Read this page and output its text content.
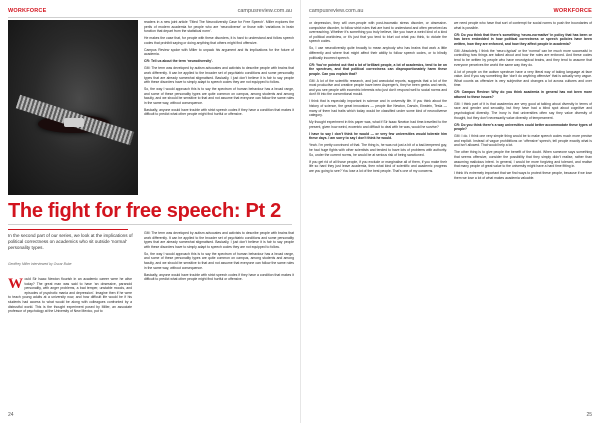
WORKFORCE	campusreview.com.au

readers in a new joint article ‘Titled The Neurodiversity Case for Free Speech’. Miller explores the perils of modern academia for people who are ‘neurodiverse’ or those with ‘variations in brain function that depart from the statistical norm’.

He makes the case that, for people with these disorders, it is hard to understand and follow speech codes that prohibit saying or doing anything that others might find offensive.

Campus Review spoke with Miller to unpack his argument and its implications for the future of academia.

CR: Tell us about the term ‘neurodiversity’.

GM: The term was developed by autism advocates and activists to describe people with brains that work differently. It can be applied to the broader set of psychiatric conditions and some personality types that are already somewhat stigmatised. Basically, I just don’t believe it is fair to say people with these disorders have to simply adapt to speech codes they are not equipped to follow.

So, the way I would approach this is to say the spectrum of human behaviour has a broad range, and some of these personality types are quite common on campus, among students and among faculty, and we should be sensitive to that and not assume that everyone can follow the same rules in the same way, without consequence.

Basically, anyone would have trouble with strict speech codes if they have a condition that makes it difficult to predict what other people might find hurtful or offensive.

The fight for free speech: Pt 2
In the second part of our series, we look at the implications of political correctness on academics who sit outside ‘normal’ personality types.
Geoffrey Miller interviewed by Oscar Bube
W ould Sir Isaac Newton flourish in an academic career were he alive today? The great man was said to have ‘an obsessive, paranoid personality, with anger problems, a bad temper, unstable moods, and episodes of psychotic mania and depression’. Imagine then if he were to teach young adults at a university now, and how difficult life would be if his students had access to what would be along with colleagues confronted by a distrustful world. This is the thought experiment posed by Miller, an associate professor of psychology at the University of New Mexico, put to

GM: The term was developed by autism advocates and activists to describe people with brains that work differently. It can be applied to the broader set of psychiatric conditions and some personality types that are already somewhat stigmatised. Basically, I just don’t believe it is fair to say people with these disorders have to simply adapt to speech codes they are not equipped to follow.

So, the way I would approach this is to say the spectrum of human behaviour has a broad range, and some of these personality types are quite common on campus, among students and among faculty, and we should be sensitive to that and not assume that everyone can follow the same rules in the same way, without consequence.

Basically, anyone would have trouble with strict speech codes if they have a condition that makes it difficult to predict what other people might find hurtful or offensive.

24
campusreview.com.au	WORKFORCE

or depression, they will over-people with post-traumatic stress disorder, or obsessive-compulsive disorder, to follow strict rules that are hard to understand and often perceived as overreaching. Whether it’s something you truly believe, like you have a weird kind of a kind of political worldview, or it’s just that you tend to blurt out what you think, to violate the speech codes.

So, I use neurodiversity quite broadly to mean anybody who has brains that work a little differently and where that might affect their ability to follow speech codes, or to blindly politically incorrect speech.

CR: You’ve pointed out that a lot of brilliant people, a lot of academics, tend to be on the spectrum, and that political correctness can disproportionately harm these people. Can you explain that?

GM: A lot of the scientific research, and just anecdotal reports, suggests that a lot of the most productive and creative people have been Asperger’s, they’ve been geeks and nerds, and you see people with eccentric interests who just don’t respond well to social norms and don’t fit into the conventional mould.

I think that is especially important in science and in university life. If you think about the history of science, the great innovators — people like Newton, Darwin, Einstein, Tesla — many of them had traits which today would be classified under some kind of neurodiverse category.

My thought experiment in this paper was, what if Sir Isaac Newton had time-travelled to the present, given how weird, eccentric and difficult to deal with he was, would he survive?

I have to say I don’t think he would — or very few universities would tolerate him these days. I am sorry to say I don’t think he would.

Yeah. I’m pretty convinced of that. The thing is, he was not just a bit of a bad-tempered guy, he had huge fights with other scientists and tended to have lots of problems with authority. So, under the current norms, he would be at serious risk of being sanctioned.

If you get rid of all those people, if you exclude or marginalise all of them, if you make their life so hard they just leave academia, then what kind of scientific and academic progress are you going to see? You lose a lot of the best people. That’s one of my concerns.

we need people who have that sort of contempt for social norms to push the boundaries of what is possible.

CR: Do you think that there’s something ‘neuro-normative’ in policy that has been or has been embedded in how political correctness or speech policies have been written, how they are enforced, and how they affect people in academia?

GM: Absolutely. I think the ‘neuro-typical’ or the ‘normal’ can be much more successful in controlling how things are talked about and how the rules are enforced. And these codes tend to be written by people who have neurotypical brains, and they tend to assume that everyone perceives the world the same way they do.

A lot of people on the autism spectrum have a very literal way of taking language at face value. And if you say something like ‘don’t do anything offensive’ that is actually very vague. What counts as offensive is very subjective and changes a lot across cultures and over time.

CR: Campus Review: Why do you think academia in general has not been more attuned to these issues?

GM: I think part of it is that academics are very good at talking about diversity in terms of race and gender and sexuality, but they have had a blind spot about cognitive and psychological diversity. The irony is that universities often say they value diversity of thought, but they don’t necessarily value diversity of temperament.

CR: Do you think there’s a way universities could better accommodate these types of people?

GM: I do. I think one very simple thing would be to make speech codes much more precise and explicit. Instead of vague prohibitions on ‘offensive’ speech, tell people exactly what is and isn’t allowed. That would help a lot.

The other thing is to give people the benefit of the doubt. When someone says something that seems offensive, consider the possibility that they simply didn’t realise, rather than assuming malicious intent. In general, I would be more forgiving and tolerant, and realise that many people of great value to the university might have a hard time fitting in.

I think it’s extremely important that we find ways to protect these people, because if we lose them we lose a lot of what makes academia valuable.

25
